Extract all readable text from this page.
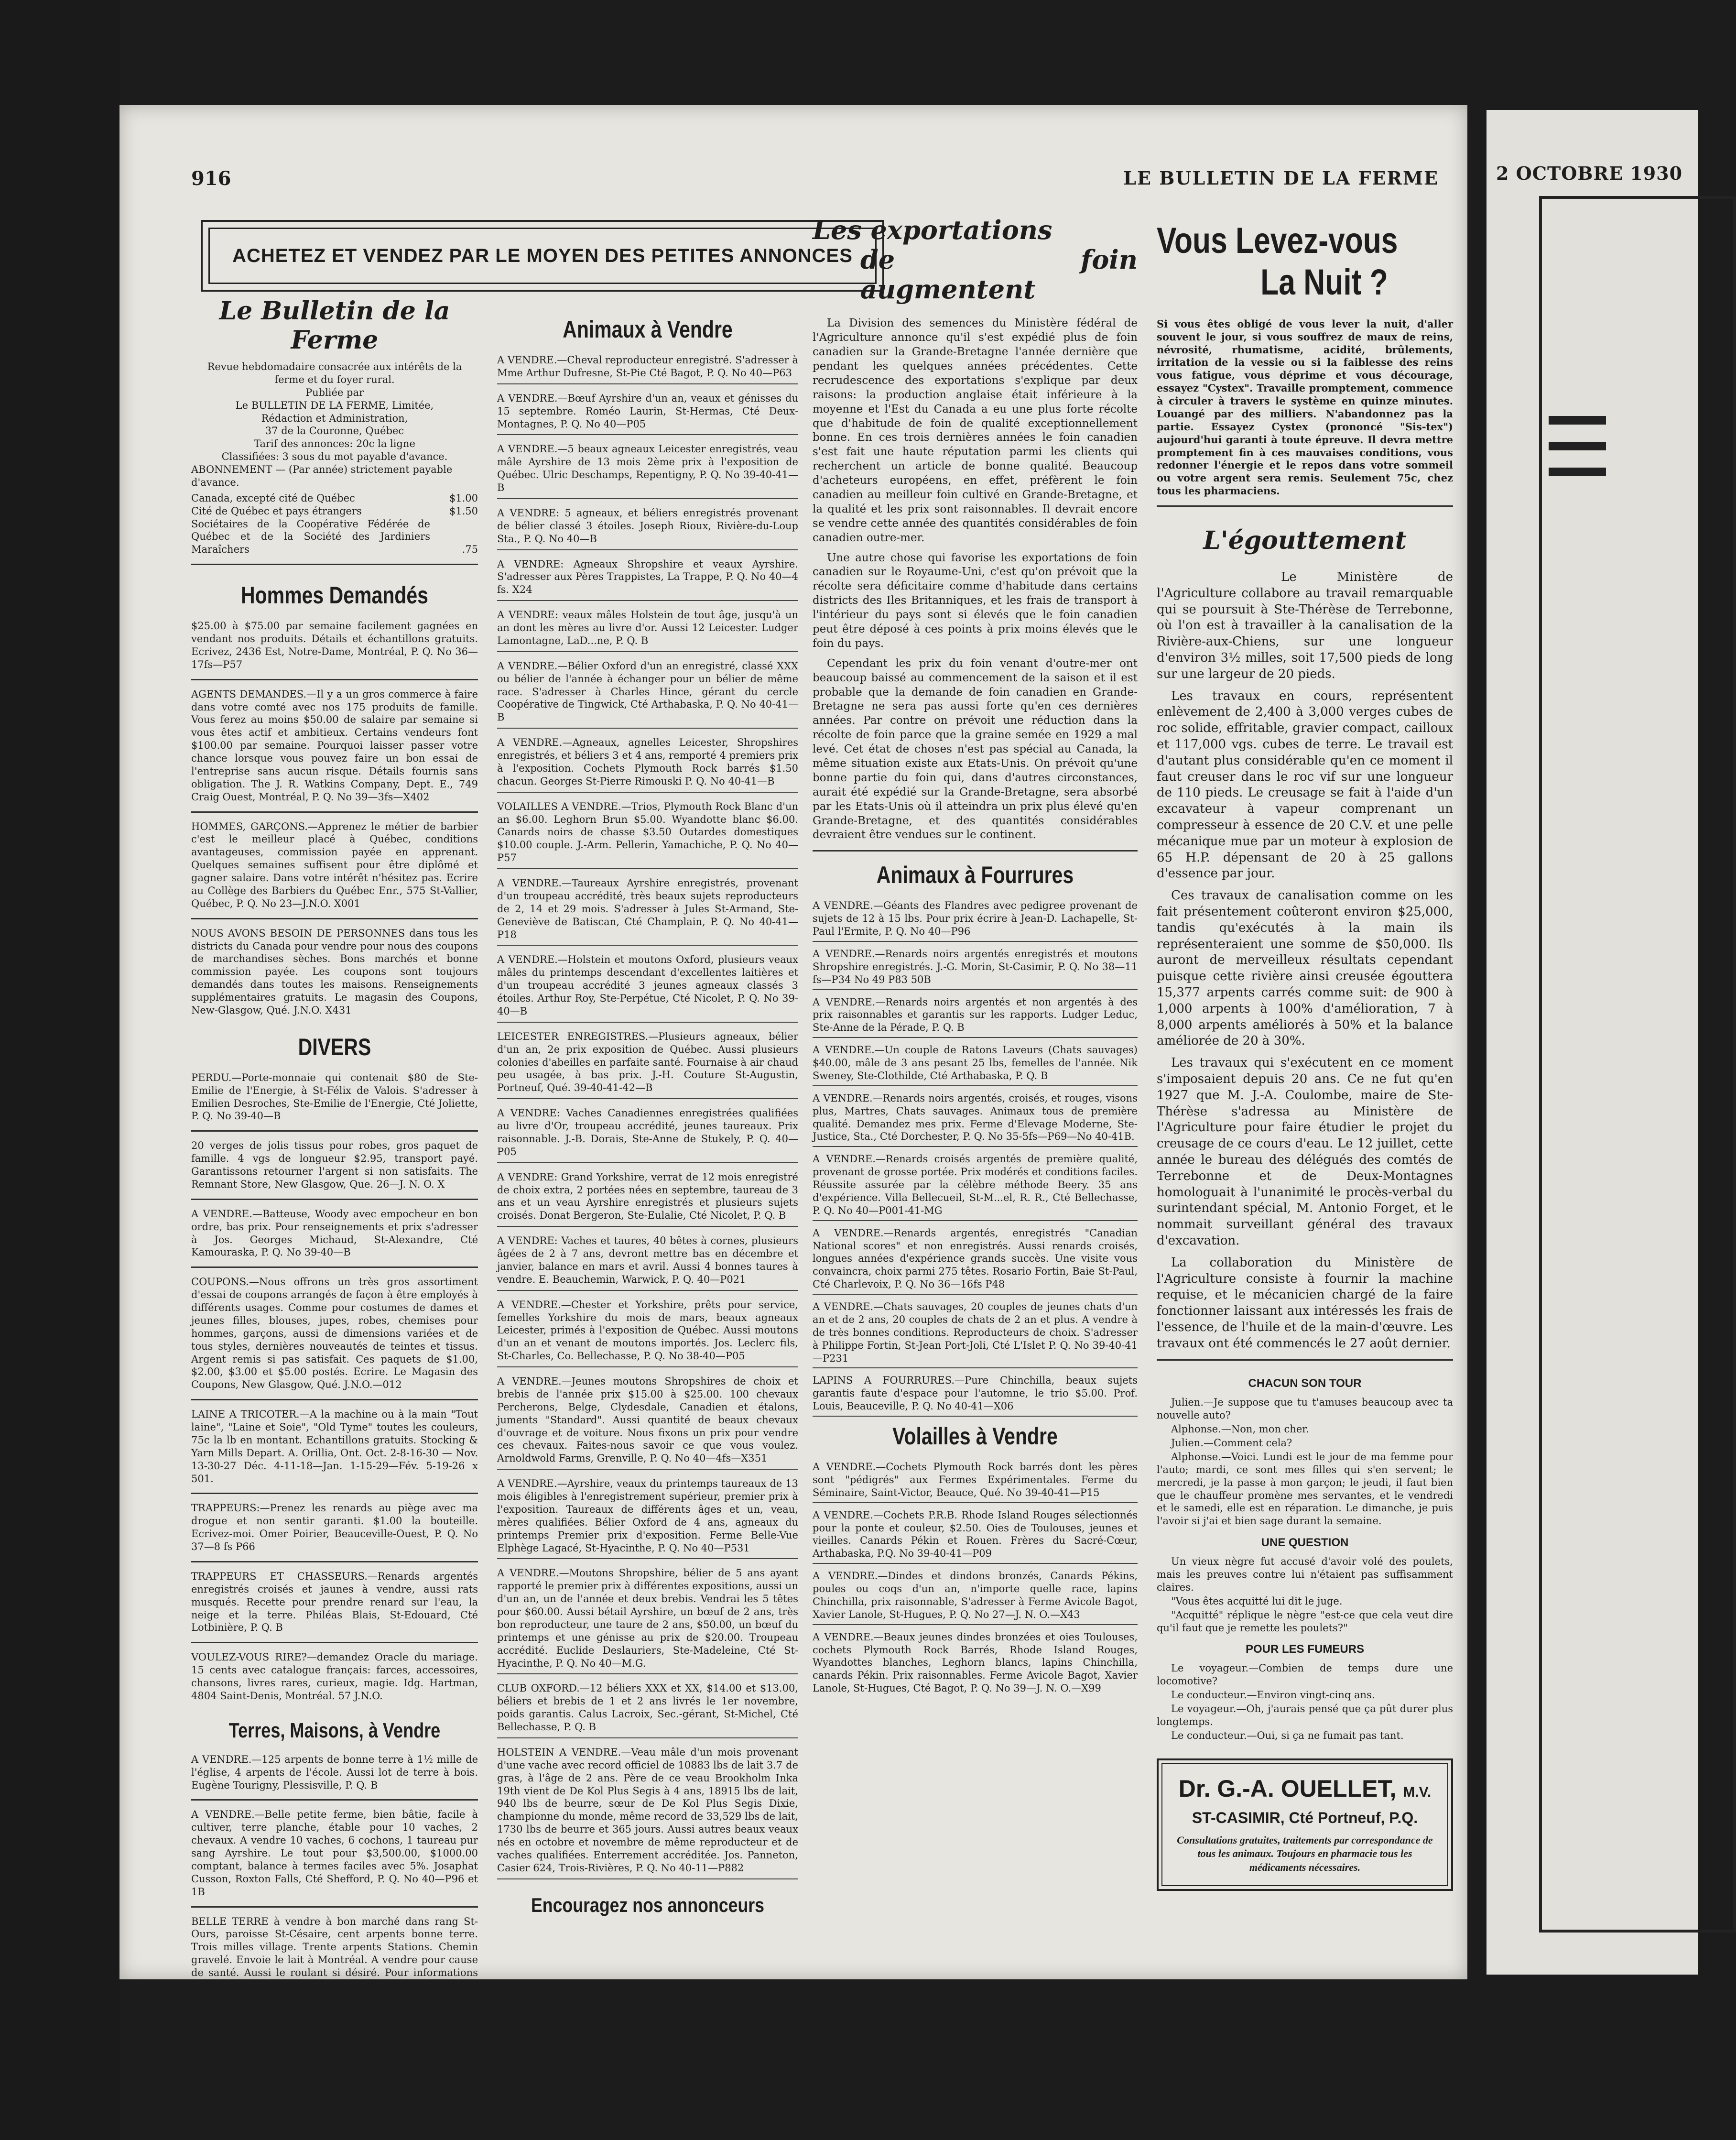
916	LE BULLETIN DE LA FERME
ACHETEZ ET VENDEZ PAR LE MOYEN DES PETITES ANNONCES
Le Bulletin de la Ferme
Revue hebdomadaire consacrée aux intérêts de la ferme et du foyer rural.
Publiée par
Le BULLETIN DE LA FERME, Limitée,
Rédaction et Administration,
37 de la Couronne, Québec
Tarif des annonces: 20c la ligne
Classifiées: 3 sous du mot payable d'avance.
ABONNEMENT — (Par année) strictement payable d'avance.
Canada, excepté cité de Québec	$1.00
Cité de Québec et pays étrangers	$1.50
Sociétaires de la Coopérative Fédérée de Québec et de la Société des Jardiniers Maraîchers	.75
Hommes Demandés

$25.00 à $75.00 par semaine facilement gagnées en vendant nos produits. Détails et échantillons gratuits. Ecrivez, 2436 Est, Notre-Dame, Montréal, P. Q. No 36—17fs—P57

AGENTS DEMANDES.—Il y a un gros commerce à faire dans votre comté avec nos 175 produits de famille. Vous ferez au moins $50.00 de salaire par semaine si vous êtes actif et ambitieux. Certains vendeurs font $100.00 par semaine. Pourquoi laisser passer votre chance lorsque vous pouvez faire un bon essai de l'entreprise sans aucun risque. Détails fournis sans obligation. The J. R. Watkins Company, Dept. E., 749 Craig Ouest, Montréal, P. Q. No 39—3fs—X402

HOMMES, GARÇONS.—Apprenez le métier de barbier c'est le meilleur placé à Québec, conditions avantageuses, commission payée en apprenant. Quelques semaines suffisent pour être diplômé et gagner salaire. Dans votre intérêt n'hésitez pas. Ecrire au Collège des Barbiers du Québec Enr., 575 St-Vallier, Québec, P. Q. No 23—J.N.O. X001

NOUS AVONS BESOIN DE PERSONNES dans tous les districts du Canada pour vendre pour nous des coupons de marchandises sèches. Bons marchés et bonne commission payée. Les coupons sont toujours demandés dans toutes les maisons. Renseignements supplémentaires gratuits. Le magasin des Coupons, New-Glasgow, Qué. J.N.O. X431

DIVERS

PERDU.—Porte-monnaie qui contenait $80 de Ste-Emilie de l'Energie, à St-Félix de Valois. S'adresser à Emilien Desroches, Ste-Emilie de l'Energie, Cté Joliette, P. Q. No 39-40—B

20 verges de jolis tissus pour robes, gros paquet de famille. 4 vgs de longueur $2.95, transport payé. Garantissons retourner l'argent si non satisfaits. The Remnant Store, New Glasgow, Que. 26—J. N. O. X

A VENDRE.—Batteuse, Woody avec empocheur en bon ordre, bas prix. Pour renseignements et prix s'adresser à Jos. Georges Michaud, St-Alexandre, Cté Kamouraska, P. Q. No 39-40—B

COUPONS.—Nous offrons un très gros assortiment d'essai de coupons arrangés de façon à être employés à différents usages. Comme pour costumes de dames et jeunes filles, blouses, jupes, robes, chemises pour hommes, garçons, aussi de dimensions variées et de tous styles, dernières nouveautés de teintes et tissus. Argent remis si pas satisfait. Ces paquets de $1.00, $2.00, $3.00 et $5.00 postés. Ecrire. Le Magasin des Coupons, New Glasgow, Qué. J.N.O.—012

LAINE A TRICOTER.—A la machine ou à la main "Tout laine", "Laine et Soie", "Old Tyme" toutes les couleurs, 75c la lb en montant. Echantillons gratuits. Stocking & Yarn Mills Depart. A. Orillia, Ont. Oct. 2-8-16-30 — Nov. 13-30-27 Déc. 4-11-18—Jan. 1-15-29—Fév. 5-19-26 x 501.

TRAPPEURS:—Prenez les renards au piège avec ma drogue et non sentir garanti. $1.00 la bouteille. Ecrivez-moi. Omer Poirier, Beauceville-Ouest, P. Q. No 37—8 fs P66

TRAPPEURS ET CHASSEURS.—Renards argentés enregistrés croisés et jaunes à vendre, aussi rats musqués. Recette pour prendre renard sur l'eau, la neige et la terre. Philéas Blais, St-Edouard, Cté Lotbinière, P. Q. B

VOULEZ-VOUS RIRE?—demandez Oracle du mariage. 15 cents avec catalogue français: farces, accessoires, chansons, livres rares, curieux, magie. Idg. Hartman, 4804 Saint-Denis, Montréal. 57 J.N.O.

Terres, Maisons, à Vendre

A VENDRE.—125 arpents de bonne terre à 1½ mille de l'église, 4 arpents de l'école. Aussi lot de terre à bois. Eugène Tourigny, Plessisville, P. Q. B

A VENDRE.—Belle petite ferme, bien bâtie, facile à cultiver, terre planche, étable pour 10 vaches, 2 chevaux. A vendre 10 vaches, 6 cochons, 1 taureau pur sang Ayrshire. Le tout pour $3,500.00, $1000.00 comptant, balance à termes faciles avec 5%. Josaphat Cusson, Roxton Falls, Cté Shefford, P. Q. No 40—P96 et 1B

BELLE TERRE à vendre à bon marché dans rang St-Ours, paroisse St-Césaire, cent arpents bonne terre. Trois milles village. Trente arpents Stations. Chemin gravelé. Envoie le lait à Montréal. A vendre pour cause de santé. Aussi le roulant si désiré. Pour informations s'adresser Raymond Poirier, propriétaire, St-Césaire, Comté Rouville. F. 40—P1 B et 57

Animaux à Vendre
A VENDRE.—Cheval reproducteur enregistré. S'adresser à Mme Arthur Dufresne, St-Pie Cté Bagot, P. Q. No 40—P63
A VENDRE.—Bœuf Ayrshire d'un an, veaux et génisses du 15 septembre. Roméo Laurin, St-Hermas, Cté Deux-Montagnes, P. Q. No 40—P05
A VENDRE.—5 beaux agneaux Leicester enregistrés, veau mâle Ayrshire de 13 mois 2ème prix à l'exposition de Québec. Ulric Deschamps, Repentigny, P. Q. No 39-40-41—B
A VENDRE: 5 agneaux, et béliers enregistrés provenant de bélier classé 3 étoiles. Joseph Rioux, Rivière-du-Loup Sta., P. Q. No 40—B
A VENDRE: Agneaux Shropshire et veaux Ayrshire. S'adresser aux Pères Trappistes, La Trappe, P. Q. No 40—4 fs. X24
A VENDRE: veaux mâles Holstein de tout âge, jusqu'à un an dont les mères au livre d'or. Aussi 12 Leicester. Ludger Lamontagne, LaD...ne, P. Q. B
A VENDRE.—Bélier Oxford d'un an enregistré, classé XXX ou bélier de l'année à échanger pour un bélier de même race. S'adresser à Charles Hince, gérant du cercle Coopérative de Tingwick, Cté Arthabaska, P. Q. No 40-41—B
A VENDRE.—Agneaux, agnelles Leicester, Shropshires enregistrés, et béliers 3 et 4 ans, remporté 4 premiers prix à l'exposition. Cochets Plymouth Rock barrés $1.50 chacun. Georges St-Pierre Rimouski P. Q. No 40-41—B
VOLAILLES A VENDRE.—Trios, Plymouth Rock Blanc d'un an $6.00. Leghorn Brun $5.00. Wyandotte blanc $6.00. Canards noirs de chasse $3.50 Outardes domestiques $10.00 couple. J.-Arm. Pellerin, Yamachiche, P. Q. No 40—P57
A VENDRE.—Taureaux Ayrshire enregistrés, provenant d'un troupeau accrédité, très beaux sujets reproducteurs de 2, 14 et 29 mois. S'adresser à Jules St-Armand, Ste-Geneviève de Batiscan, Cté Champlain, P. Q. No 40-41—P18
A VENDRE.—Holstein et moutons Oxford, plusieurs veaux mâles du printemps descendant d'excellentes laitières et d'un troupeau accrédité 3 jeunes agneaux classés 3 étoiles. Arthur Roy, Ste-Perpétue, Cté Nicolet, P. Q. No 39-40—B
LEICESTER ENREGISTRES.—Plusieurs agneaux, bélier d'un an, 2e prix exposition de Québec. Aussi plusieurs colonies d'abeilles en parfaite santé. Fournaise à air chaud peu usagée, à bas prix. J.-H. Couture St-Augustin, Portneuf, Qué. 39-40-41-42—B
A VENDRE: Vaches Canadiennes enregistrées qualifiées au livre d'Or, troupeau accrédité, jeunes taureaux. Prix raisonnable. J.-B. Dorais, Ste-Anne de Stukely, P. Q. 40—P05
A VENDRE: Grand Yorkshire, verrat de 12 mois enregistré de choix extra, 2 portées nées en septembre, taureau de 3 ans et un veau Ayrshire enregistrés et plusieurs sujets croisés. Donat Bergeron, Ste-Eulalie, Cté Nicolet, P. Q. B
A VENDRE: Vaches et taures, 40 bêtes à cornes, plusieurs âgées de 2 à 7 ans, devront mettre bas en décembre et janvier, balance en mars et avril. Aussi 4 bonnes taures à vendre. E. Beauchemin, Warwick, P. Q. 40—P021
A VENDRE.—Chester et Yorkshire, prêts pour service, femelles Yorkshire du mois de mars, beaux agneaux Leicester, primés à l'exposition de Québec. Aussi moutons d'un an et venant de moutons importés. Jos. Leclerc fils, St-Charles, Co. Bellechasse, P. Q. No 38-40—P05
A VENDRE.—Jeunes moutons Shropshires de choix et brebis de l'année prix $15.00 à $25.00. 100 chevaux Percherons, Belge, Clydesdale, Canadien et étalons, juments "Standard". Aussi quantité de beaux chevaux d'ouvrage et de voiture. Nous fixons un prix pour vendre ces chevaux. Faites-nous savoir ce que vous voulez. Arnoldwold Farms, Grenville, P. Q. No 40—4fs—X351
A VENDRE.—Ayrshire, veaux du printemps taureaux de 13 mois éligibles à l'enregistrement supérieur, premier prix à l'exposition. Taureaux de différents âges et un, veau, mères qualifiées. Bélier Oxford de 4 ans, agneaux du printemps Premier prix d'exposition. Ferme Belle-Vue Elphège Lagacé, St-Hyacinthe, P. Q. No 40—P531
A VENDRE.—Moutons Shropshire, bélier de 5 ans ayant rapporté le premier prix à différentes expositions, aussi un d'un an, un de l'année et deux brebis. Vendrai les 5 têtes pour $60.00. Aussi bétail Ayrshire, un bœuf de 2 ans, très bon reproducteur, une taure de 2 ans, $50.00, un bœuf du printemps et une génisse au prix de $20.00. Troupeau accrédité. Euclide Deslauriers, Ste-Madeleine, Cté St-Hyacinthe, P. Q. No 40—M.G.
CLUB OXFORD.—12 béliers XXX et XX, $14.00 et $13.00, béliers et brebis de 1 et 2 ans livrés le 1er novembre, poids garantis. Calus Lacroix, Sec.-gérant, St-Michel, Cté Bellechasse, P. Q. B
HOLSTEIN A VENDRE.—Veau mâle d'un mois provenant d'une vache avec record officiel de 10883 lbs de lait 3.7 de gras, à l'âge de 2 ans. Père de ce veau Brookholm Inka 19th vient de De Kol Plus Segis à 4 ans, 18915 lbs de lait, 940 lbs de beurre, sœur de De Kol Plus Segis Dixie, championne du monde, même record de 33,529 lbs de lait, 1730 lbs de beurre et 365 jours. Aussi autres beaux veaux nés en octobre et novembre de même reproducteur et de vaches qualifiées. Enterrement accréditée. Jos. Panneton, Casier 624, Trois-Rivières, P. Q. No 40-11—P882
Encouragez nos annonceurs
Les exportations
de foin augmentent

La Division des semences du Ministère fédéral de l'Agriculture annonce qu'il s'est expédié plus de foin canadien sur la Grande-Bretagne l'année dernière que pendant les quelques années précédentes. Cette recrudescence des exportations s'explique par deux raisons: la production anglaise était inférieure à la moyenne et l'Est du Canada a eu une plus forte récolte que d'habitude de foin de qualité exceptionnellement bonne. En ces trois dernières années le foin canadien s'est fait une haute réputation parmi les clients qui recherchent un article de bonne qualité. Beaucoup d'acheteurs européens, en effet, préfèrent le foin canadien au meilleur foin cultivé en Grande-Bretagne, et la qualité et les prix sont raisonnables. Il devrait encore se vendre cette année des quantités considérables de foin canadien outre-mer.

Une autre chose qui favorise les exportations de foin canadien sur le Royaume-Uni, c'est qu'on prévoit que la récolte sera déficitaire comme d'habitude dans certains districts des Iles Britanniques, et les frais de transport à l'intérieur du pays sont si élevés que le foin canadien peut être déposé à ces points à prix moins élevés que le foin du pays.

Cependant les prix du foin venant d'outre-mer ont beaucoup baissé au commencement de la saison et il est probable que la demande de foin canadien en Grande-Bretagne ne sera pas aussi forte qu'en ces dernières années. Par contre on prévoit une réduction dans la récolte de foin parce que la graine semée en 1929 a mal levé. Cet état de choses n'est pas spécial au Canada, la même situation existe aux Etats-Unis. On prévoit qu'une bonne partie du foin qui, dans d'autres circonstances, aurait été expédié sur la Grande-Bretagne, sera absorbé par les Etats-Unis où il atteindra un prix plus élevé qu'en Grande-Bretagne, et des quantités considérables devraient être vendues sur le continent.

Animaux à Fourrures
A VENDRE.—Géants des Flandres avec pedigree provenant de sujets de 12 à 15 lbs. Pour prix écrire à Jean-D. Lachapelle, St-Paul l'Ermite, P. Q. No 40—P96
A VENDRE.—Renards noirs argentés enregistrés et moutons Shropshire enregistrés. J.-G. Morin, St-Casimir, P. Q. No 38—11 fs—P34 No 49 P83 50B
A VENDRE.—Renards noirs argentés et non argentés à des prix raisonnables et garantis sur les rapports. Ludger Leduc, Ste-Anne de la Pérade, P. Q. B
A VENDRE.—Un couple de Ratons Laveurs (Chats sauvages) $40.00, mâle de 3 ans pesant 25 lbs, femelles de l'année. Nik Sweney, Ste-Clothilde, Cté Arthabaska, P. Q. B
A VENDRE.—Renards noirs argentés, croisés, et rouges, visons plus, Martres, Chats sauvages. Animaux tous de première qualité. Demandez mes prix. Ferme d'Elevage Moderne, Ste-Justice, Sta., Cté Dorchester, P. Q. No 35-5fs—P69—No 40-41B.
A VENDRE.—Renards croisés argentés de première qualité, provenant de grosse portée. Prix modérés et conditions faciles. Réussite assurée par la célèbre méthode Beery. 35 ans d'expérience. Villa Bellecueil, St-M...el, R. R., Cté Bellechasse, P. Q. No 40—P001-41-MG
A VENDRE.—Renards argentés, enregistrés "Canadian National scores" et non enregistrés. Aussi renards croisés, longues années d'expérience grands succès. Une visite vous convaincra, choix parmi 275 têtes. Rosario Fortin, Baie St-Paul, Cté Charlevoix, P. Q. No 36—16fs P48
A VENDRE.—Chats sauvages, 20 couples de jeunes chats d'un an et de 2 ans, 20 couples de chats de 2 an et plus. A vendre à de très bonnes conditions. Reproducteurs de choix. S'adresser à Philippe Fortin, St-Jean Port-Joli, Cté L'Islet P. Q. No 39-40-41—P231
LAPINS A FOURRURES.—Pure Chinchilla, beaux sujets garantis faute d'espace pour l'automne, le trio $5.00. Prof. Louis, Beauceville, P. Q. No 40-41—X06
Volailles à Vendre
A VENDRE.—Cochets Plymouth Rock barrés dont les pères sont "pédigrés" aux Fermes Expérimentales. Ferme du Séminaire, Saint-Victor, Beauce, Qué. No 39-40-41—P15
A VENDRE.—Cochets P.R.B. Rhode Island Rouges sélectionnés pour la ponte et couleur, $2.50. Oies de Toulouses, jeunes et vieilles. Canards Pékin et Rouen. Frères du Sacré-Cœur, Arthabaska, P.Q. No 39-40-41—P09
A VENDRE.—Dindes et dindons bronzés, Canards Pékins, poules ou coqs d'un an, n'importe quelle race, lapins Chinchilla, prix raisonnable, S'adresser à Ferme Avicole Bagot, Xavier Lanole, St-Hugues, P. Q. No 27—J. N. O.—X43
A VENDRE.—Beaux jeunes dindes bronzées et oies Toulouses, cochets Plymouth Rock Barrés, Rhode Island Rouges, Wyandottes blanches, Leghorn blancs, lapins Chinchilla, canards Pékin. Prix raisonnables. Ferme Avicole Bagot, Xavier Lanole, St-Hugues, Cté Bagot, P. Q. No 39—J. N. O.—X99
Vous Levez-vous
La Nuit ?
Si vous êtes obligé de vous lever la nuit, d'aller souvent le jour, si vous souffrez de maux de reins, névrosité, rhumatisme, acidité, brûlements, irritation de la vessie ou si la faiblesse des reins vous fatigue, vous déprime et vous décourage, essayez "Cystex". Travaille promptement, commence à circuler à travers le système en quinze minutes. Louangé par des milliers. N'abandonnez pas la partie. Essayez Cystex (prononcé "Sis-tex") aujourd'hui garanti à toute épreuve. Il devra mettre promptement fin à ces mauvaises conditions, vous redonner l'énergie et le repos dans votre sommeil ou votre argent sera remis. Seulement 75c, chez tous les pharmaciens.
L'égouttement

Le Ministère de l'Agriculture collabore au travail remarquable qui se poursuit à Ste-Thérèse de Terrebonne, où l'on est à travailler à la canalisation de la Rivière-aux-Chiens, sur une longueur d'environ 3½ milles, soit 17,500 pieds de long sur une largeur de 20 pieds.

Les travaux en cours, représentent enlèvement de 2,400 à 3,000 verges cubes de roc solide, effritable, gravier compact, cailloux et 117,000 vgs. cubes de terre. Le travail est d'autant plus considérable qu'en ce moment il faut creuser dans le roc vif sur une longueur de 110 pieds. Le creusage se fait à l'aide d'un excavateur à vapeur comprenant un compresseur à essence de 20 C.V. et une pelle mécanique mue par un moteur à explosion de 65 H.P. dépensant de 20 à 25 gallons d'essence par jour.

Ces travaux de canalisation comme on les fait présentement coûteront environ $25,000, tandis qu'exécutés à la main ils représenteraient une somme de $50,000. Ils auront de merveilleux résultats cependant puisque cette rivière ainsi creusée égouttera 15,377 arpents carrés comme suit: de 900 à 1,000 arpents à 100% d'amélioration, 7 à 8,000 arpents améliorés à 50% et la balance améliorée de 20 à 30%.

Les travaux qui s'exécutent en ce moment s'imposaient depuis 20 ans. Ce ne fut qu'en 1927 que M. J.-A. Coulombe, maire de Ste-Thérèse s'adressa au Ministère de l'Agriculture pour faire étudier le projet du creusage de ce cours d'eau. Le 12 juillet, cette année le bureau des délégués des comtés de Terrebonne et de Deux-Montagnes homologuait à l'unanimité le procès-verbal du surintendant spécial, M. Antonio Forget, et le nommait surveillant général des travaux d'excavation.

La collaboration du Ministère de l'Agriculture consiste à fournir la machine requise, et le mécanicien chargé de la faire fonctionner laissant aux intéressés les frais de l'essence, de l'huile et de la main-d'œuvre. Les travaux ont été commencés le 27 août dernier.

CHACUN SON TOUR

Julien.—Je suppose que tu t'amuses beaucoup avec ta nouvelle auto?

Alphonse.—Non, mon cher.

Julien.—Comment cela?

Alphonse.—Voici. Lundi est le jour de ma femme pour l'auto; mardi, ce sont mes filles qui s'en servent; le mercredi, je la passe à mon garçon; le jeudi, il faut bien que le chauffeur promène mes servantes, et le vendredi et le samedi, elle est en réparation. Le dimanche, je puis l'avoir si j'ai et bien sage durant la semaine.

UNE QUESTION

Un vieux nègre fut accusé d'avoir volé des poulets, mais les preuves contre lui n'étaient pas suffisamment claires.

"Vous êtes acquitté lui dit le juge.

"Acquitté" réplique le nègre "est-ce que cela veut dire qu'il faut que je remette les poulets?"

POUR LES FUMEURS

Le voyageur.—Combien de temps dure une locomotive?

Le conducteur.—Environ vingt-cinq ans.

Le voyageur.—Oh, j'aurais pensé que ça pût durer plus longtemps.

Le conducteur.—Oui, si ça ne fumait pas tant.

Dr. G.-A. OUELLET, M.V.
ST-CASIMIR, Cté Portneuf, P.Q.
Consultations gratuites, traitements par correspondance de tous les animaux. Toujours en pharmacie tous les médicaments nécessaires.
2 OCTOBRE 1930
